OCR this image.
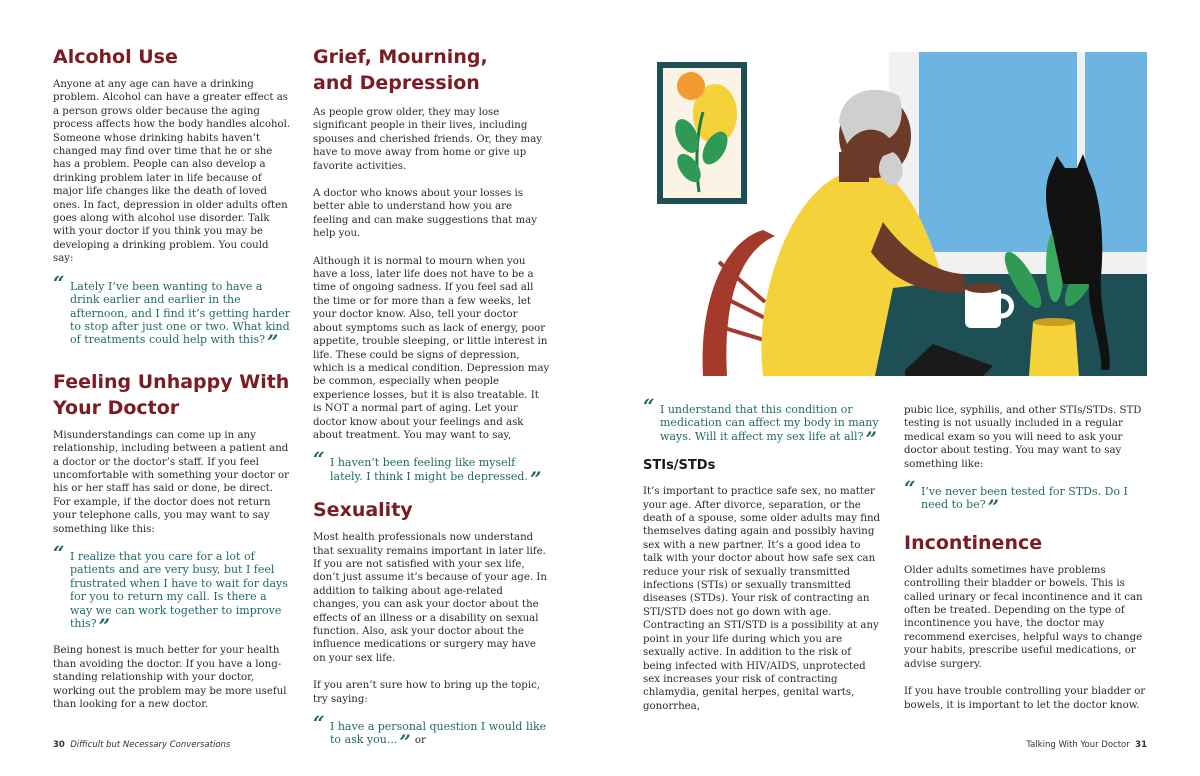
Alcohol Use

Anyone at any age can have a drinking problem. Alcohol can have a greater effect as a person grows older because the aging process affects how the body handles alcohol. Someone whose drinking habits haven’t changed may find over time that he or she has a problem. People can also develop a drinking problem later in life because of major life changes like the death of loved ones. In fact, depression in older adults often goes along with alcohol use disorder. Talk with your doctor if you think you may be developing a drinking problem. You could say:

“ Lately I’ve been wanting to have a drink earlier and earlier in the afternoon, and I find it’s getting harder to stop after just one or two. What kind of treatments could help with this? ”
Feeling Unhappy With Your Doctor

Misunderstandings can come up in any relationship, including between a patient and a doctor or the doctor’s staff. If you feel uncomfortable with something your doctor or his or her staff has said or done, be direct. For example, if the doctor does not return your telephone calls, you may want to say something like this:

“ I realize that you care for a lot of patients and are very busy, but I feel frustrated when I have to wait for days for you to return my call. Is there a way we can work together to improve this? ”

Being honest is much better for your health than avoiding the doctor. If you have a long-standing relationship with your doctor, working out the problem may be more useful than looking for a new doctor.

Grief, Mourning,
and Depression

As people grow older, they may lose significant people in their lives, including spouses and cherished friends. Or, they may have to move away from home or give up favorite activities.

A doctor who knows about your losses is better able to understand how you are feeling and can make suggestions that may help you.

Although it is normal to mourn when you have a loss, later life does not have to be a time of ongoing sadness. If you feel sad all the time or for more than a few weeks, let your doctor know. Also, tell your doctor about symptoms such as lack of energy, poor appetite, trouble sleeping, or little interest in life. These could be signs of depression, which is a medical condition. Depression may be common, especially when people experience losses, but it is also treatable. It is NOT a normal part of aging. Let your doctor know about your feelings and ask about treatment. You may want to say,

“ I haven’t been feeling like myself lately. I think I might be depressed. ”
Sexuality

Most health professionals now understand that sexuality remains important in later life. If you are not satisfied with your sex life, don’t just assume it’s because of your age. In addition to talking about age-related changes, you can ask your doctor about the effects of an illness or a disability on sexual function. Also, ask your doctor about the influence medications or surgery may have on your sex life.

If you aren’t sure how to bring up the topic, try saying:

“ I have a personal question I would like to ask you... ” or
“ I understand that this condition or medication can affect my body in many ways. Will it affect my sex life at all? ”
STIs/STDs

It’s important to practice safe sex, no matter your age. After divorce, separation, or the death of a spouse, some older adults may find themselves dating again and possibly having sex with a new partner. It’s a good idea to talk with your doctor about how safe sex can reduce your risk of sexually transmitted infections (STIs) or sexually transmitted diseases (STDs). Your risk of contracting an STI/STD does not go down with age. Contracting an STI/STD is a possibility at any point in your life during which you are sexually active. In addition to the risk of being infected with HIV/AIDS, unprotected sex increases your risk of contracting chlamydia, genital herpes, genital warts, gonorrhea,

pubic lice, syphilis, and other STIs/STDs. STD testing is not usually included in a regular medical exam so you will need to ask your doctor about testing. You may want to say something like:

“ I’ve never been tested for STDs. Do I need to be? ”
Incontinence

Older adults sometimes have problems controlling their bladder or bowels. This is called urinary or fecal incontinence and it can often be treated. Depending on the type of incontinence you have, the doctor may recommend exercises, helpful ways to change your habits, prescribe useful medications, or advise surgery.

If you have trouble controlling your bladder or bowels, it is important to let the doctor know.

30 Difficult but Necessary Conversations	Talking With Your Doctor 31
